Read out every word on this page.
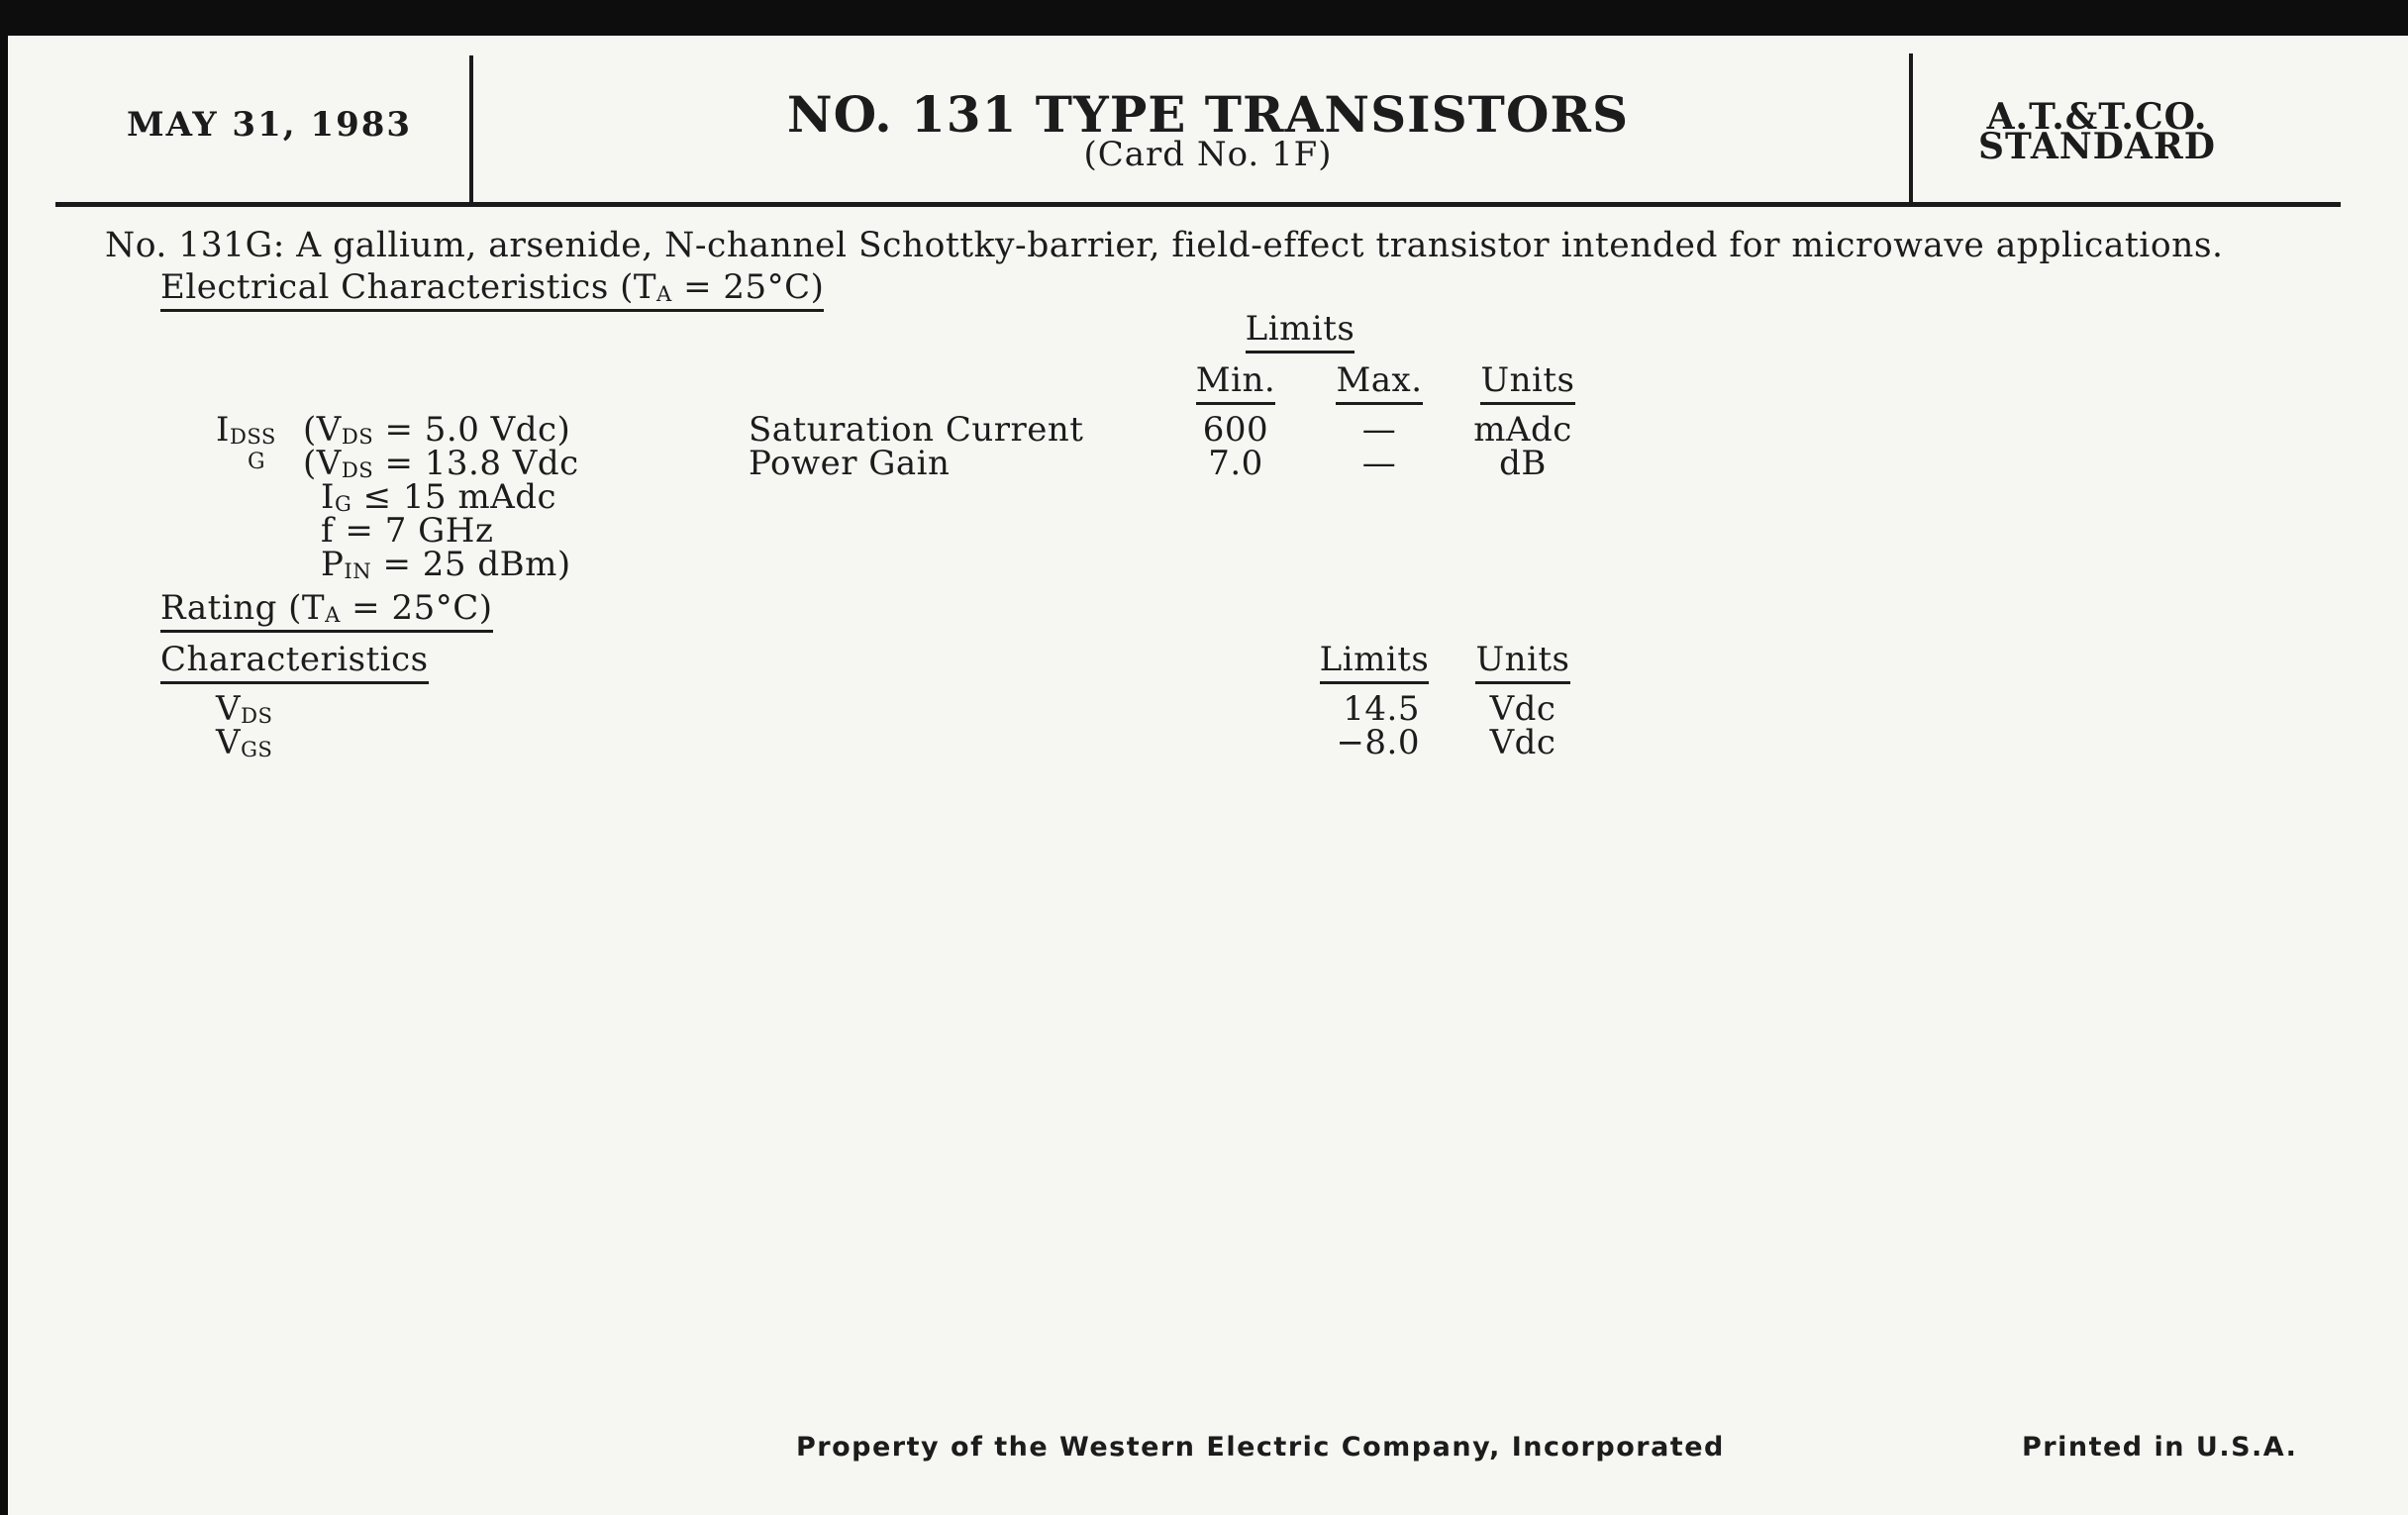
MAY 31, 1983	NO. 131 TYPE TRANSISTORS
(Card No. 1F)
A.T.&T.CO.
STANDARD
No. 131G: A gallium, arsenide, N-channel Schottky-barrier, field-effect transistor intended for microwave applications.
Electrical Characteristics $(T_A = 25^\circ C)$
Limits
Min.	Max.	Units
$I_{DSS}$ ($V_{DS} = 5.0$ Vdc)	Saturation Current	600	—	mAdc
G ($V_{DS} = 13.8$ Vdc	Power Gain	7.0	—	dB
$I_G \le 15$ mAdc
f = 7 GHz
$P_{IN} = 25$ dBm)
Rating $(T_A = 25^\circ C)$
Characteristics	Limits	Units
$V_{DS}$	14.5	Vdc
$V_{GS}$	−8.0	Vdc
Property of the Western Electric Company, Incorporated	Printed in U.S.A.
